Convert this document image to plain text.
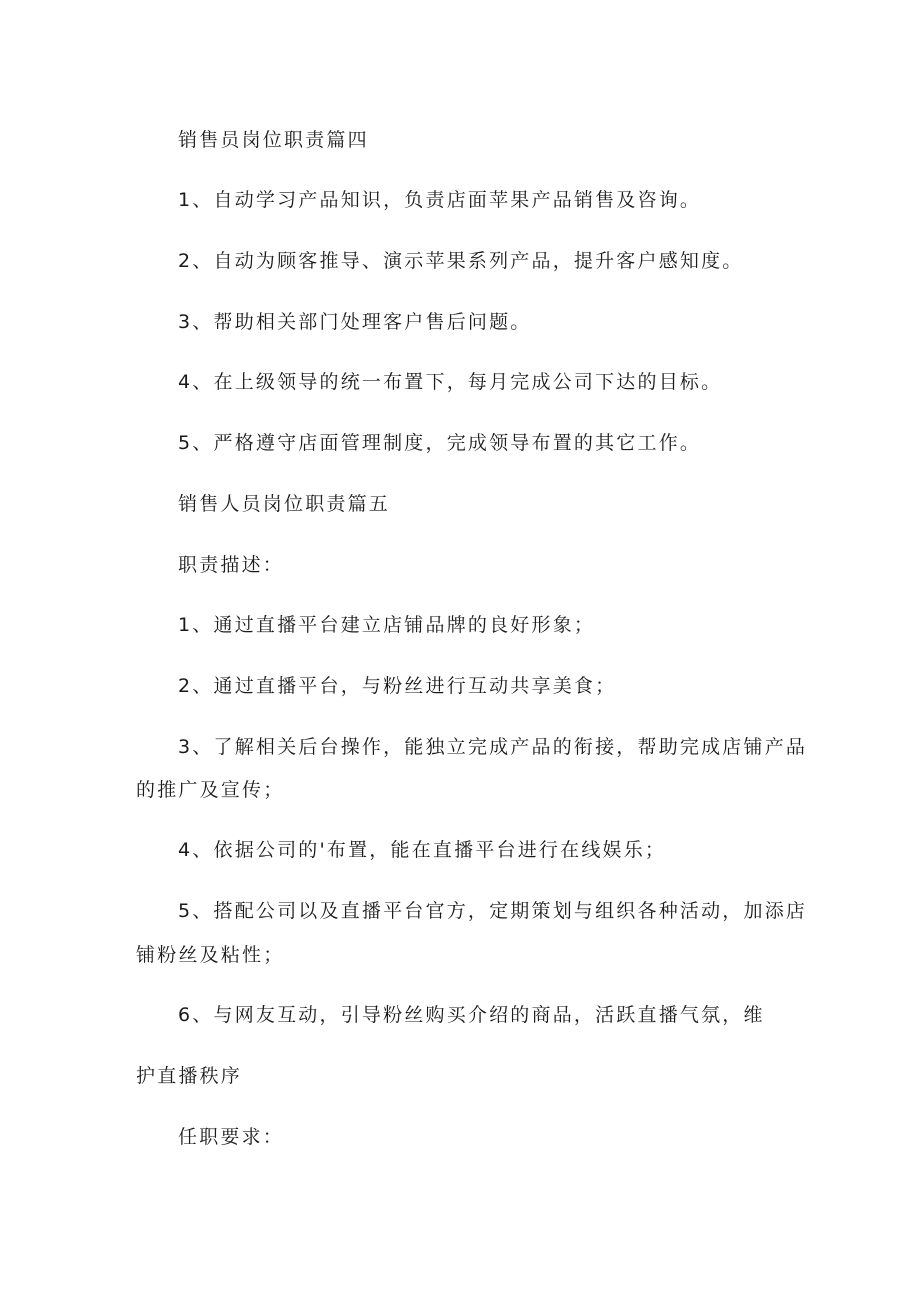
销售员岗位职责篇四
1、自动学习产品知识，负责店面苹果产品销售及咨询。
2、自动为顾客推导、演示苹果系列产品，提升客户感知度。
3、帮助相关部门处理客户售后问题。
4、在上级领导的统一布置下，每月完成公司下达的目标。
5、严格遵守店面管理制度，完成领导布置的其它工作。
销售人员岗位职责篇五
职责描述：
1、通过直播平台建立店铺品牌的良好形象；
2、通过直播平台，与粉丝进行互动共享美食；
3、了解相关后台操作，能独立完成产品的衔接，帮助完成店铺产品
的推广及宣传；
4、依据公司的'布置，能在直播平台进行在线娱乐；
5、搭配公司以及直播平台官方，定期策划与组织各种活动，加添店
铺粉丝及粘性；
6、与网友互动，引导粉丝购买介绍的商品，活跃直播气氛，维
护直播秩序
任职要求：
